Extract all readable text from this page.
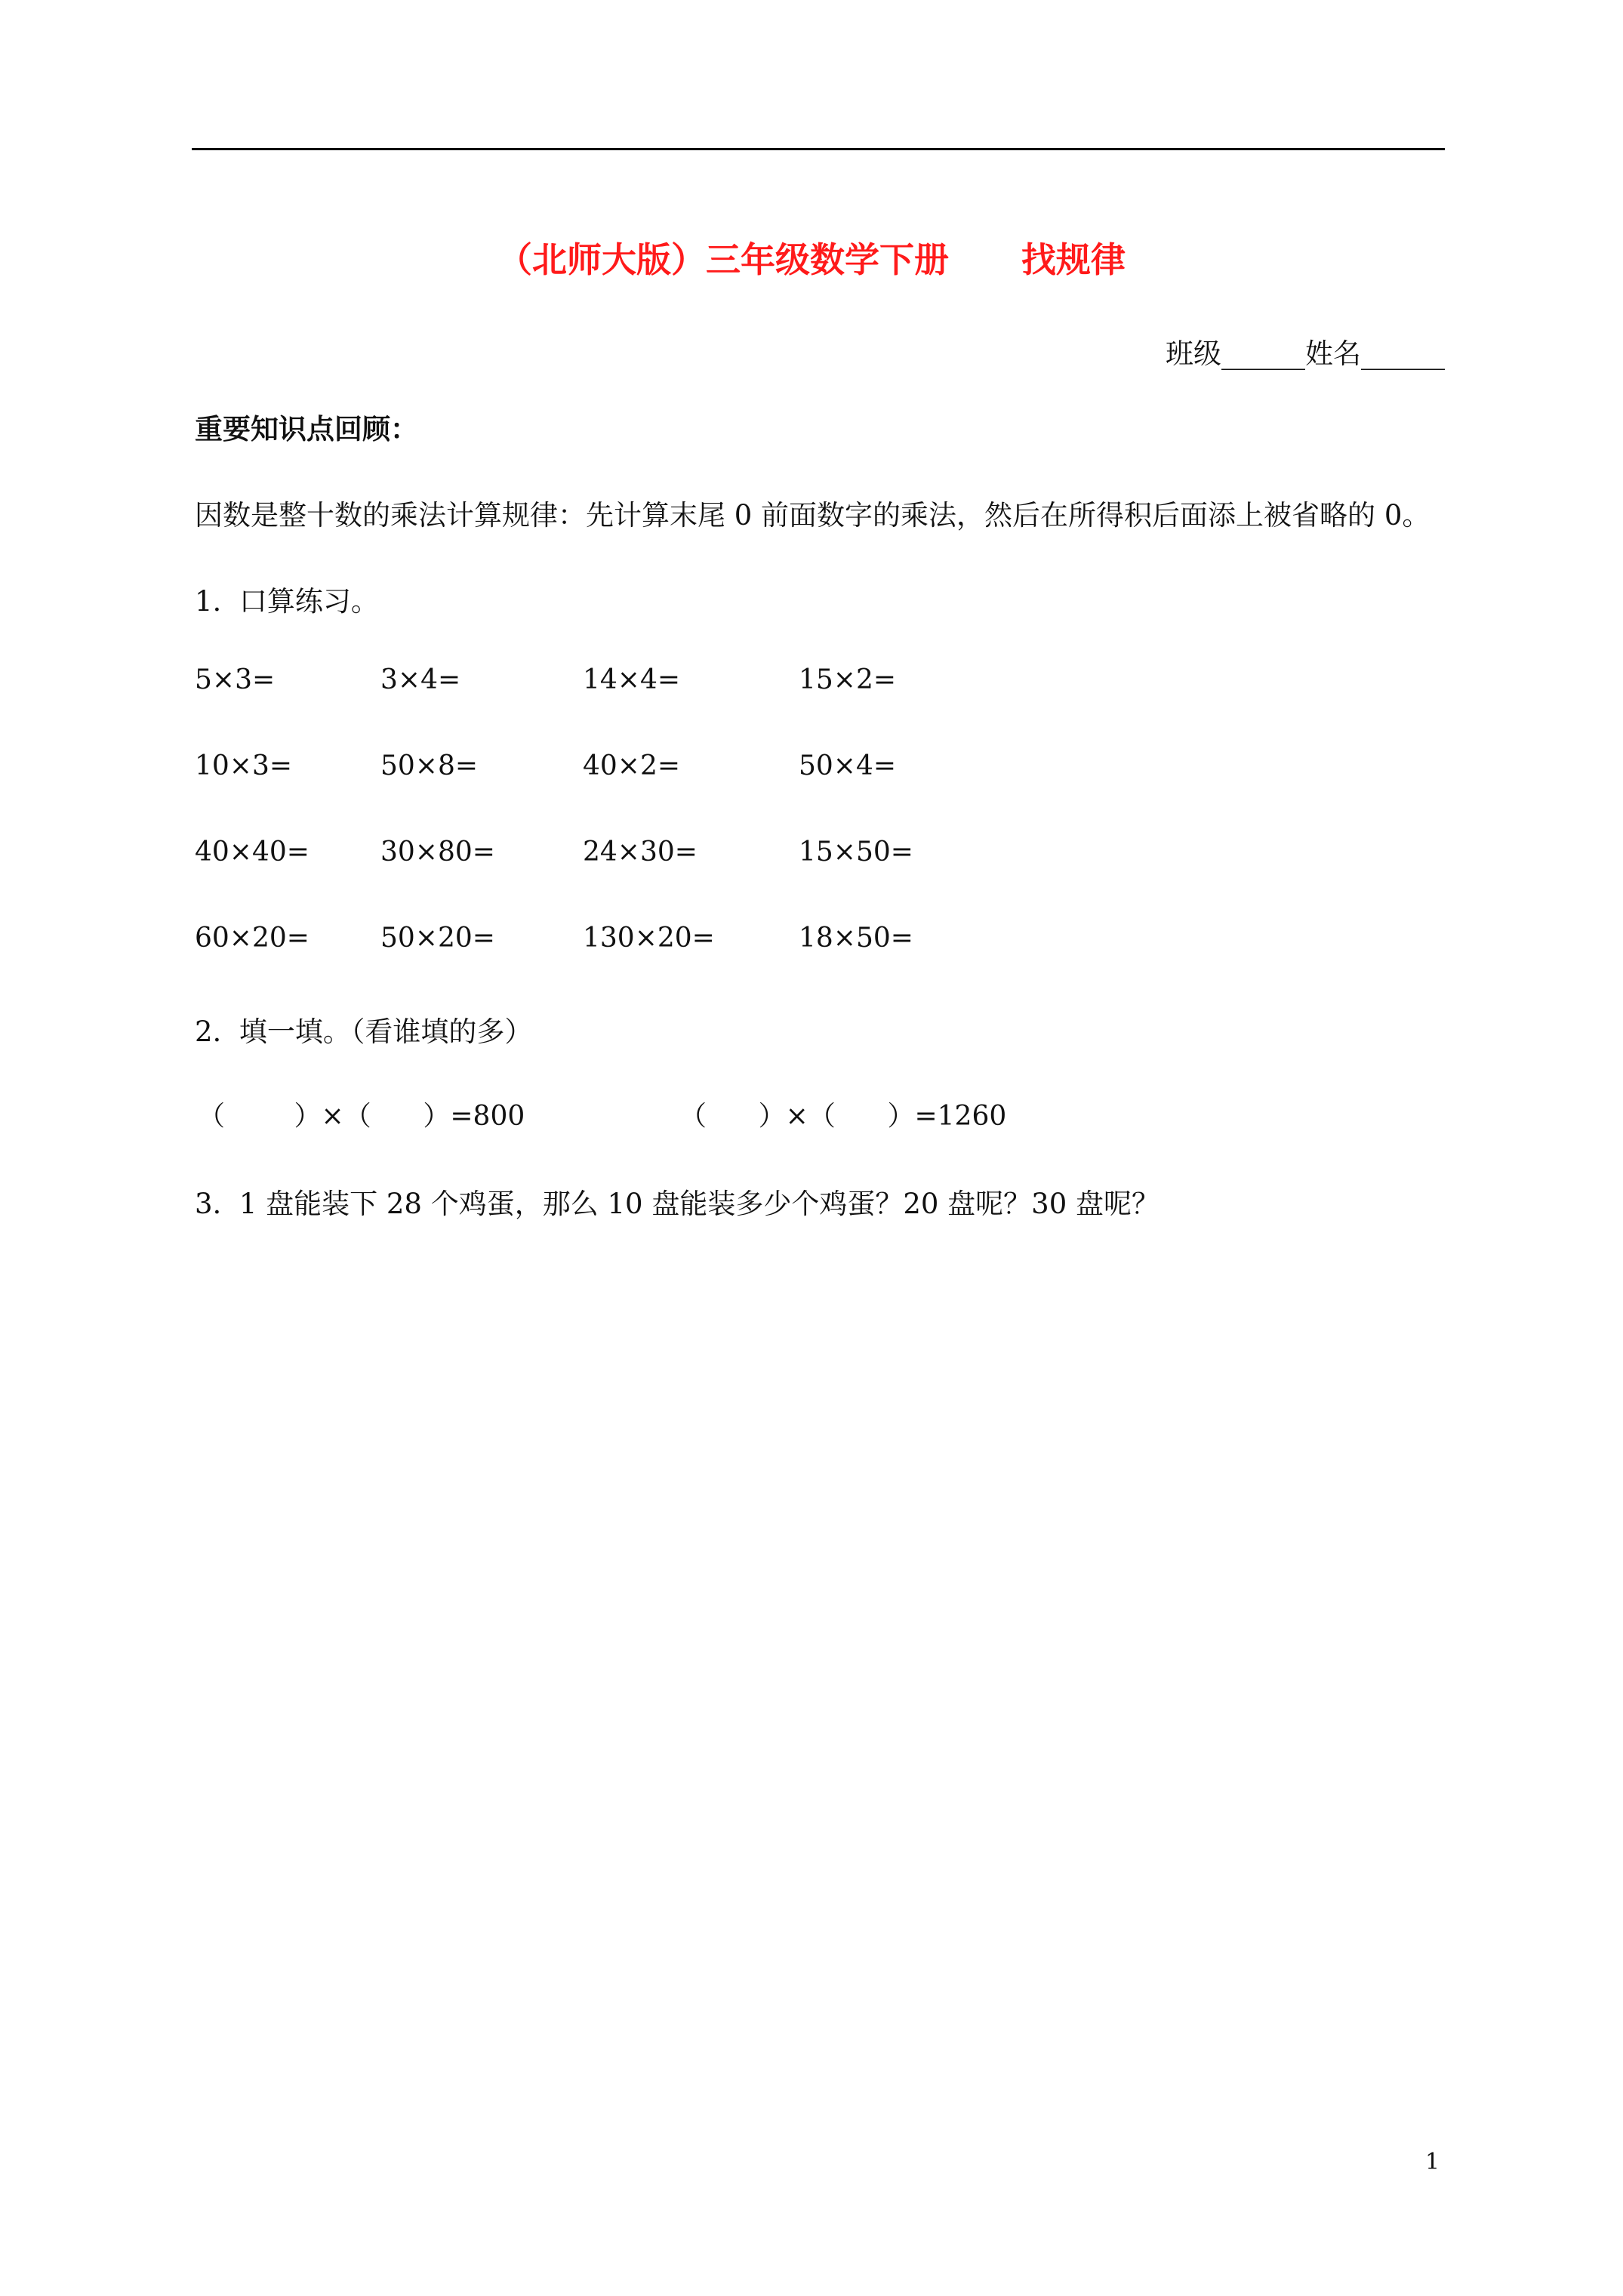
（北师大版）三年级数学下册      找规律
班级______姓名______
重要知识点回顾：
因数是整十数的乘法计算规律：先计算末尾 0 前面数字的乘法，然后在所得积后面添上被省略的 0。
1.  口算练习。
5×3=	3×4=	14×4=	15×2=
10×3=	50×8=	40×2=	50×4=
40×40=	30×80=	24×30=	15×50=
60×20=	50×20=	130×20=	18×50=
2.  填一填。（看谁填的多）
（        ）×（      ）=800	（      ）×（      ）=1260
3.  1 盘能装下 28 个鸡蛋，那么 10 盘能装多少个鸡蛋？20 盘呢？30 盘呢？
1
